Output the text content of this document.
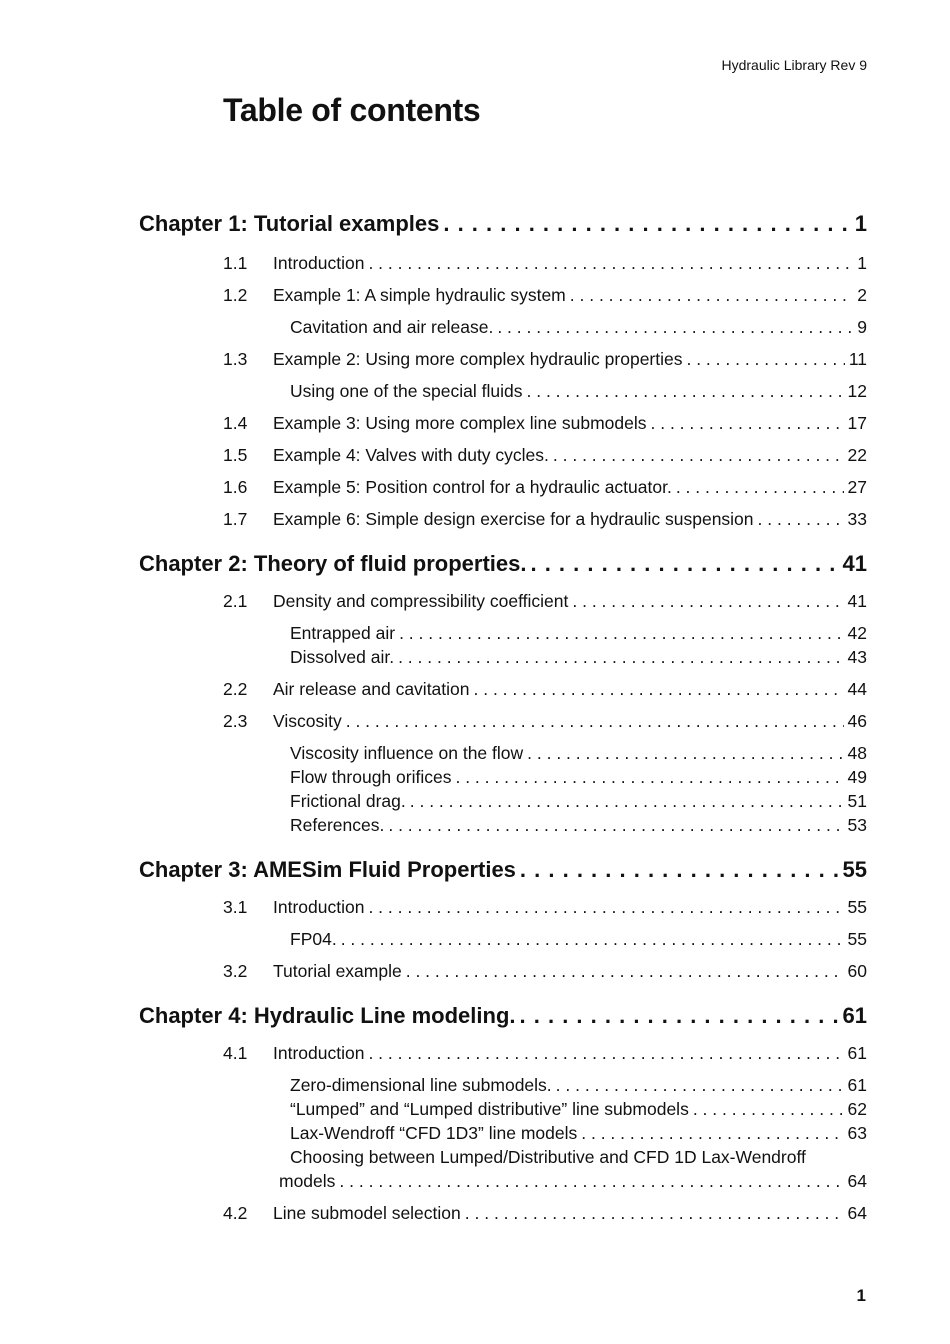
Hydraulic Library Rev 9
Table of contents
Chapter 1: Tutorial examples . . .	1
1.1	Introduction . . .	1
1.2	Example 1: A simple hydraulic system . . .	2
Cavitation and air release. . . .	9
1.3	Example 2: Using more complex hydraulic properties . . .	11
Using one of the special fluids . . .	12
1.4	Example 3: Using more complex line submodels . . .	17
1.5	Example 4: Valves with duty cycles. . . .	22
1.6	Example 5: Position control for a hydraulic actuator. . . .	27
1.7	Example 6: Simple design exercise for a hydraulic suspension . . .	33
Chapter 2: Theory of fluid properties. . . .	41
2.1	Density and compressibility coefficient . . .	41
Entrapped air . . .	42
Dissolved air. . . .	43
2.2	Air release and cavitation . . .	44
2.3	Viscosity . . .	46
Viscosity influence on the flow . . .	48
Flow through orifices . . .	49
Frictional drag. . . .	51
References. . . .	53
Chapter 3: AMESim Fluid Properties . . .	55
3.1	Introduction . . .	55
FP04. . . .	55
3.2	Tutorial example . . .	60
Chapter 4: Hydraulic Line modeling. . . .	61
4.1	Introduction . . .	61
Zero-dimensional line submodels. . . .	61
“Lumped” and “Lumped distributive” line submodels . . .	62
Lax-Wendroff “CFD 1D3” line models . . .	63
Choosing between Lumped/Distributive and CFD 1D Lax-Wendroff
models . . .	64
4.2	Line submodel selection . . .	64
1
